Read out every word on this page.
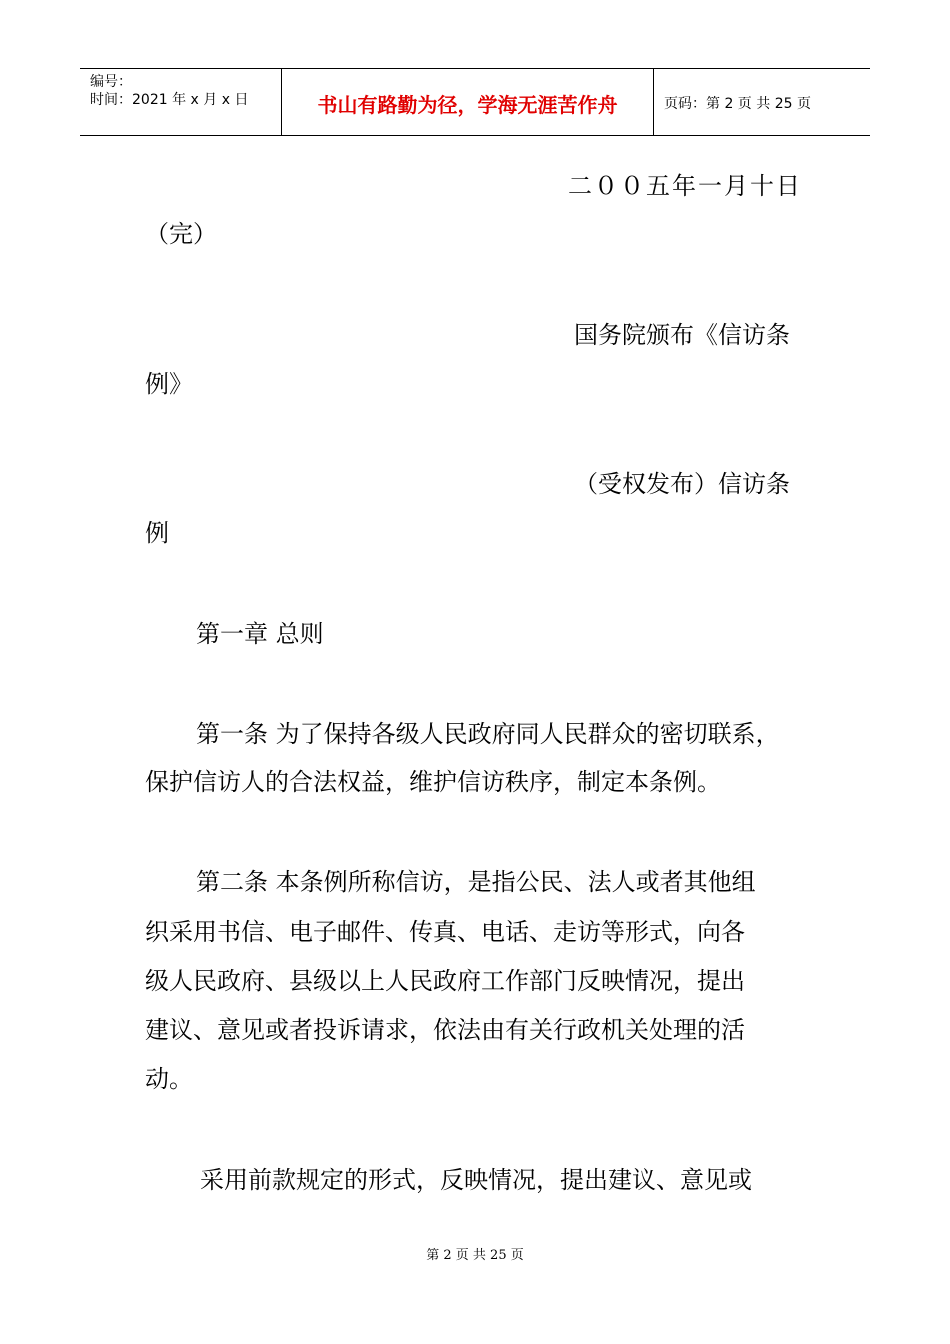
编号：
时间：2021 年 x 月 x 日	书山有路勤为径，学海无涯苦作舟	页码：第 2 页 共 25 页
二００五年一月十日
（完）
国务院颁布《信访条
例》
（受权发布）信访条
例
第一章 总则
第一条 为了保持各级人民政府同人民群众的密切联系，
保护信访人的合法权益，维护信访秩序，制定本条例。
第二条 本条例所称信访，是指公民、法人或者其他组
织采用书信、电子邮件、传真、电话、走访等形式，向各
级人民政府、县级以上人民政府工作部门反映情况，提出
建议、意见或者投诉请求，依法由有关行政机关处理的活
动。
采用前款规定的形式，反映情况，提出建议、意见或
第 2 页 共 25 页
